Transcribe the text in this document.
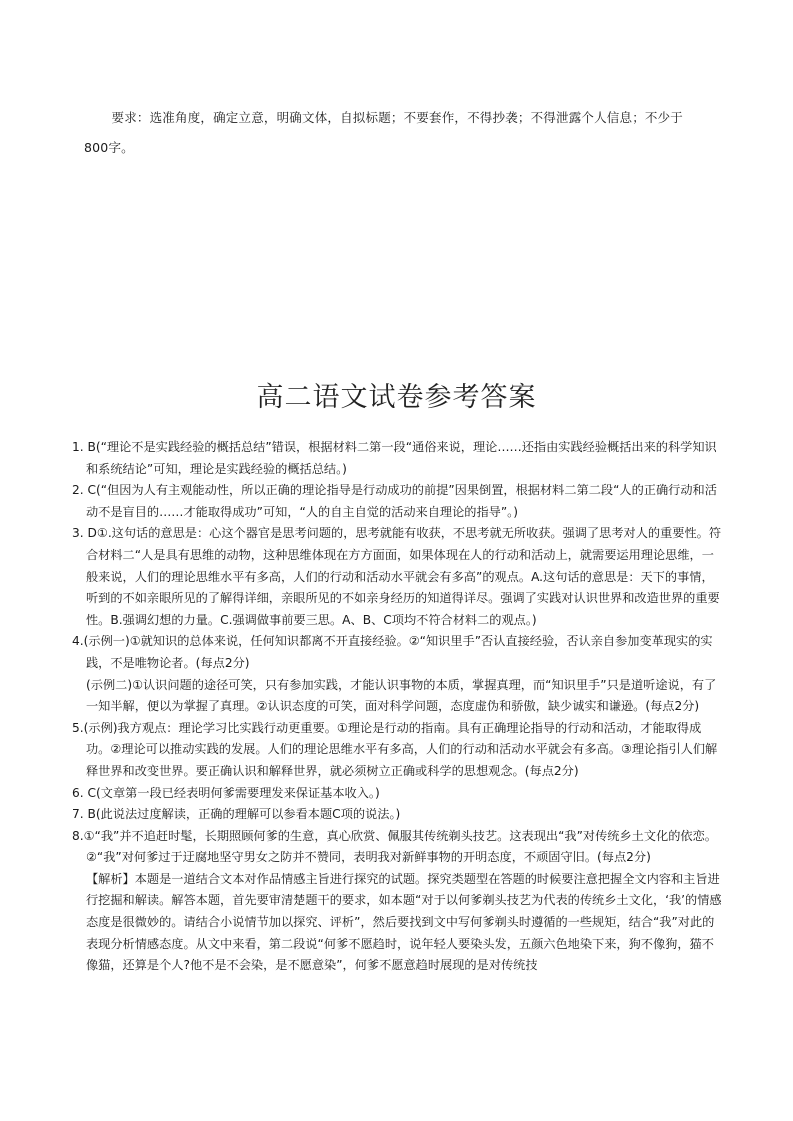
要求：选准角度，确定立意，明确文体，自拟标题；不要套作，不得抄袭；不得泄露个人信息；不少于

800字。

高二语文试卷参考答案

1. B(“理论不是实践经验的概括总结”错误，根据材料二第一段“通俗来说，理论……还指由实践经验概括出来的科学知识和系统结论”可知，理论是实践经验的概括总结。)

2. C(“但因为人有主观能动性，所以正确的理论指导是行动成功的前提”因果倒置，根据材料二第二段“人的正确行动和活动不是盲目的……才能取得成功”可知，“人的自主自觉的活动来自理论的指导”。)

3. D①.这句话的意思是：心这个器官是思考问题的，思考就能有收获，不思考就无所收获。强调了思考对人的重要性。符合材料二“人是具有思维的动物，这种思维体现在方方面面，如果体现在人的行动和活动上，就需要运用理论思维，一般来说，人们的理论思维水平有多高，人们的行动和活动水平就会有多高”的观点。A.这句话的意思是：天下的事情，听到的不如亲眼所见的了解得详细，亲眼所见的不如亲身经历的知道得详尽。强调了实践对认识世界和改造世界的重要性。B.强调幻想的力量。C.强调做事前要三思。A、B、C项均不符合材料二的观点。)

4.(示例一)①就知识的总体来说，任何知识都离不开直接经验。②“知识里手”否认直接经验，否认亲自参加变革现实的实践，不是唯物论者。(每点2分)

(示例二)①认识问题的途径可笑，只有参加实践，才能认识事物的本质，掌握真理，而“知识里手”只是道听途说，有了一知半解，便以为掌握了真理。②认识态度的可笑，面对科学问题，态度虚伪和骄傲，缺少诚实和谦逊。(每点2分)

5.(示例)我方观点：理论学习比实践行动更重要。①理论是行动的指南。具有正确理论指导的行动和活动，才能取得成功。②理论可以推动实践的发展。人们的理论思维水平有多高，人们的行动和活动水平就会有多高。③理论指引人们解释世界和改变世界。要正确认识和解释世界，就必须树立正确或科学的思想观念。(每点2分)

6. C(文章第一段已经表明何爹需要理发来保证基本收入。)

7. B(此说法过度解读，正确的理解可以参看本题C项的说法。)

8.①“我”并不追赶时髦，长期照顾何爹的生意，真心欣赏、佩服其传统剃头技艺。这表现出“我”对传统乡土文化的依恋。②“我”对何爹过于迂腐地坚守男女之防并不赞同，表明我对新鲜事物的开明态度，不顽固守旧。(每点2分)

【解析】本题是一道结合文本对作品情感主旨进行探究的试题。探究类题型在答题的时候要注意把握全文内容和主旨进行挖掘和解读。解答本题，首先要审清楚题干的要求，如本题“对于以何爹剃头技艺为代表的传统乡土文化，‘我’的情感态度是很微妙的。请结合小说情节加以探究、评析”，然后要找到文中写何爹剃头时遵循的一些规矩，结合“我”对此的表现分析情感态度。从文中来看，第二段说“何爹不愿趋时，说年轻人要染头发，五颜六色地染下来，狗不像狗，猫不像猫，还算是个人?他不是不会染，是不愿意染”，何爹不愿意趋时展现的是对传统技
